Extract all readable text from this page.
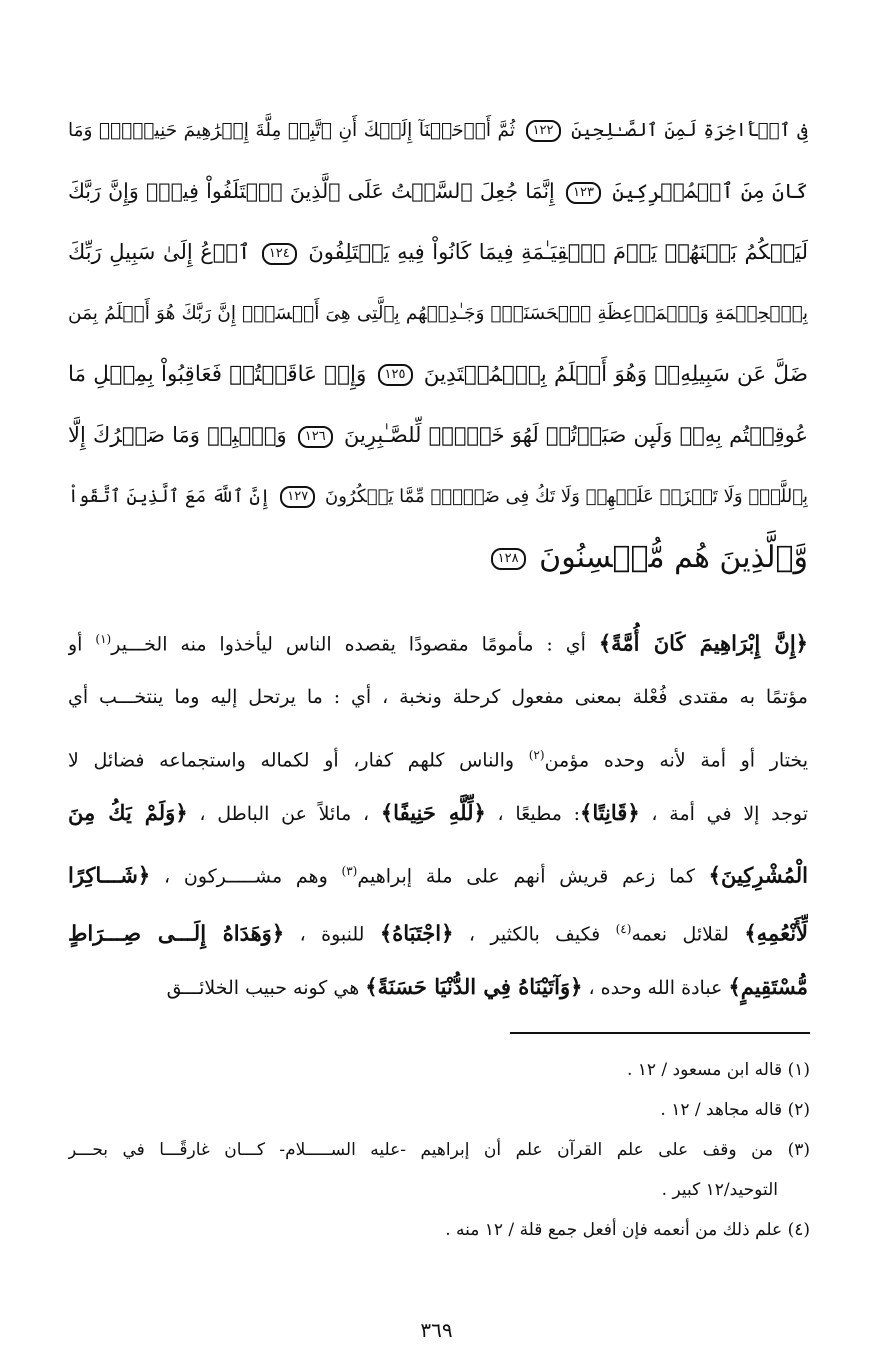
فِى ٱلۡأَاخِرَةِ لَمِنَ ٱلصَّـٰلِحِينَ ١٢٢ ثُمَّ أَوۡحَيۡنَآ إِلَيۡكَ أَنِ ٱتَّبِعۡ مِلَّةَ إِبۡرَٰهِيمَ حَنِيفً۬اۖ وَمَا
كَانَ مِنَ ٱلۡمُشۡرِكِينَ ١٢٣ إِنَّمَا جُعِلَ ٱلسَّبۡتُ عَلَى ٱلَّذِينَ ٱخۡتَلَفُواْ فِيهِۚ وَإِنَّ رَبَّكَ
لَيَحۡكُمُ بَيۡنَهُمۡ يَوۡمَ ٱلۡقِيَـٰمَةِ فِيمَا كَانُواْ فِيهِ يَخۡتَلِفُونَ ١٢٤ ٱدۡعُ إِلَىٰ سَبِيلِ رَبِّكَ
بِٱلۡحِكۡمَةِ وَٱلۡمَوۡعِظَةِ ٱلۡحَسَنَةِۖ وَجَـٰدِلۡهُم بِٱلَّتِى هِىَ أَحۡسَنُۚ إِنَّ رَبَّكَ هُوَ أَعۡلَمُ بِمَن
ضَلَّ عَن سَبِيلِهِۦۖ وَهُوَ أَعۡلَمُ بِٱلۡمُهۡتَدِينَ ١٢٥ وَإِنۡ عَاقَبۡتُمۡ فَعَاقِبُواْ بِمِثۡلِ مَا
عُوقِبۡتُم بِهِۦۖ وَلَٮِٕن صَبَرۡتُمۡ لَهُوَ خَيۡرٌ۬ لِّلصَّـٰبِرِينَ ١٢٦ وَٱصۡبِرۡ وَمَا صَبۡرُكَ إِلَّا
بِٱللَّهِۚ وَلَا تَحۡزَنۡ عَلَيۡهِمۡ وَلَا تَكُ فِى ضَيۡقٍ۬ مِّمَّا يَمۡكُرُونَ ١٢٧ إِنَّ ٱللَّهَ مَعَ ٱلَّذِينَ ٱتَّقَواْ
وَّٱلَّذِينَ هُم مُّحۡسِنُونَ ١٢٨
﴿إِنَّ إِبْرَاهِيمَ كَانَ أُمَّةً﴾ أي : مأمومًا مقصودًا يقصده الناس ليأخذوا منه الخـــير$^{(١)}$ أو
مؤتمًا به مقتدى فُعْلة بمعنى مفعول كرحلة ونخبة ، أي : ما يرتحل إليه وما ينتخـــب أي
يختار أو أمة لأنه وحده مؤمن$^{(٢)}$ والناس كلهم كفار، أو لكماله واستجماعه فضائل لا
توجد إلا في أمة ، ﴿قَانِتًا﴾: مطيعًا ، ﴿لِّلَّهِ حَنِيفًا﴾ ، مائلاً عن الباطل ، ﴿وَلَمْ يَكُ مِنَ
الْمُشْرِكِينَ﴾ كما زعم قريش أنهم على ملة إبراهيم$^{(٣)}$ وهم مشـــــركون ، ﴿شَـــاكِرًا
لِّأَنْعُمِهِ﴾ لقلائل نعمه$^{(٤)}$ فكيف بالكثير ، ﴿اجْتَبَاهُ﴾ للنبوة ، ﴿وَهَدَاهُ إِلَـــى صِـــرَاطٍ
مُّسْتَقِيمٍ﴾ عبادة الله وحده ، ﴿وَآتَيْنَاهُ فِي الدُّنْيَا حَسَنَةً﴾ هي كونه حبيب الخلائـــق
(١) قاله ابن مسعود / ١٢ .
(٢) قاله مجاهد / ١٢ .
(٣) من وقف على علم القرآن علم أن إبراهيم -عليه الســـــلام- كـــان غارقًـــا في بحـــر
التوحيد/١٢ كبير .
(٤) علم ذلك من أنعمه فإن أفعل جمع قلة / ١٢ منه .
٣٦٩
